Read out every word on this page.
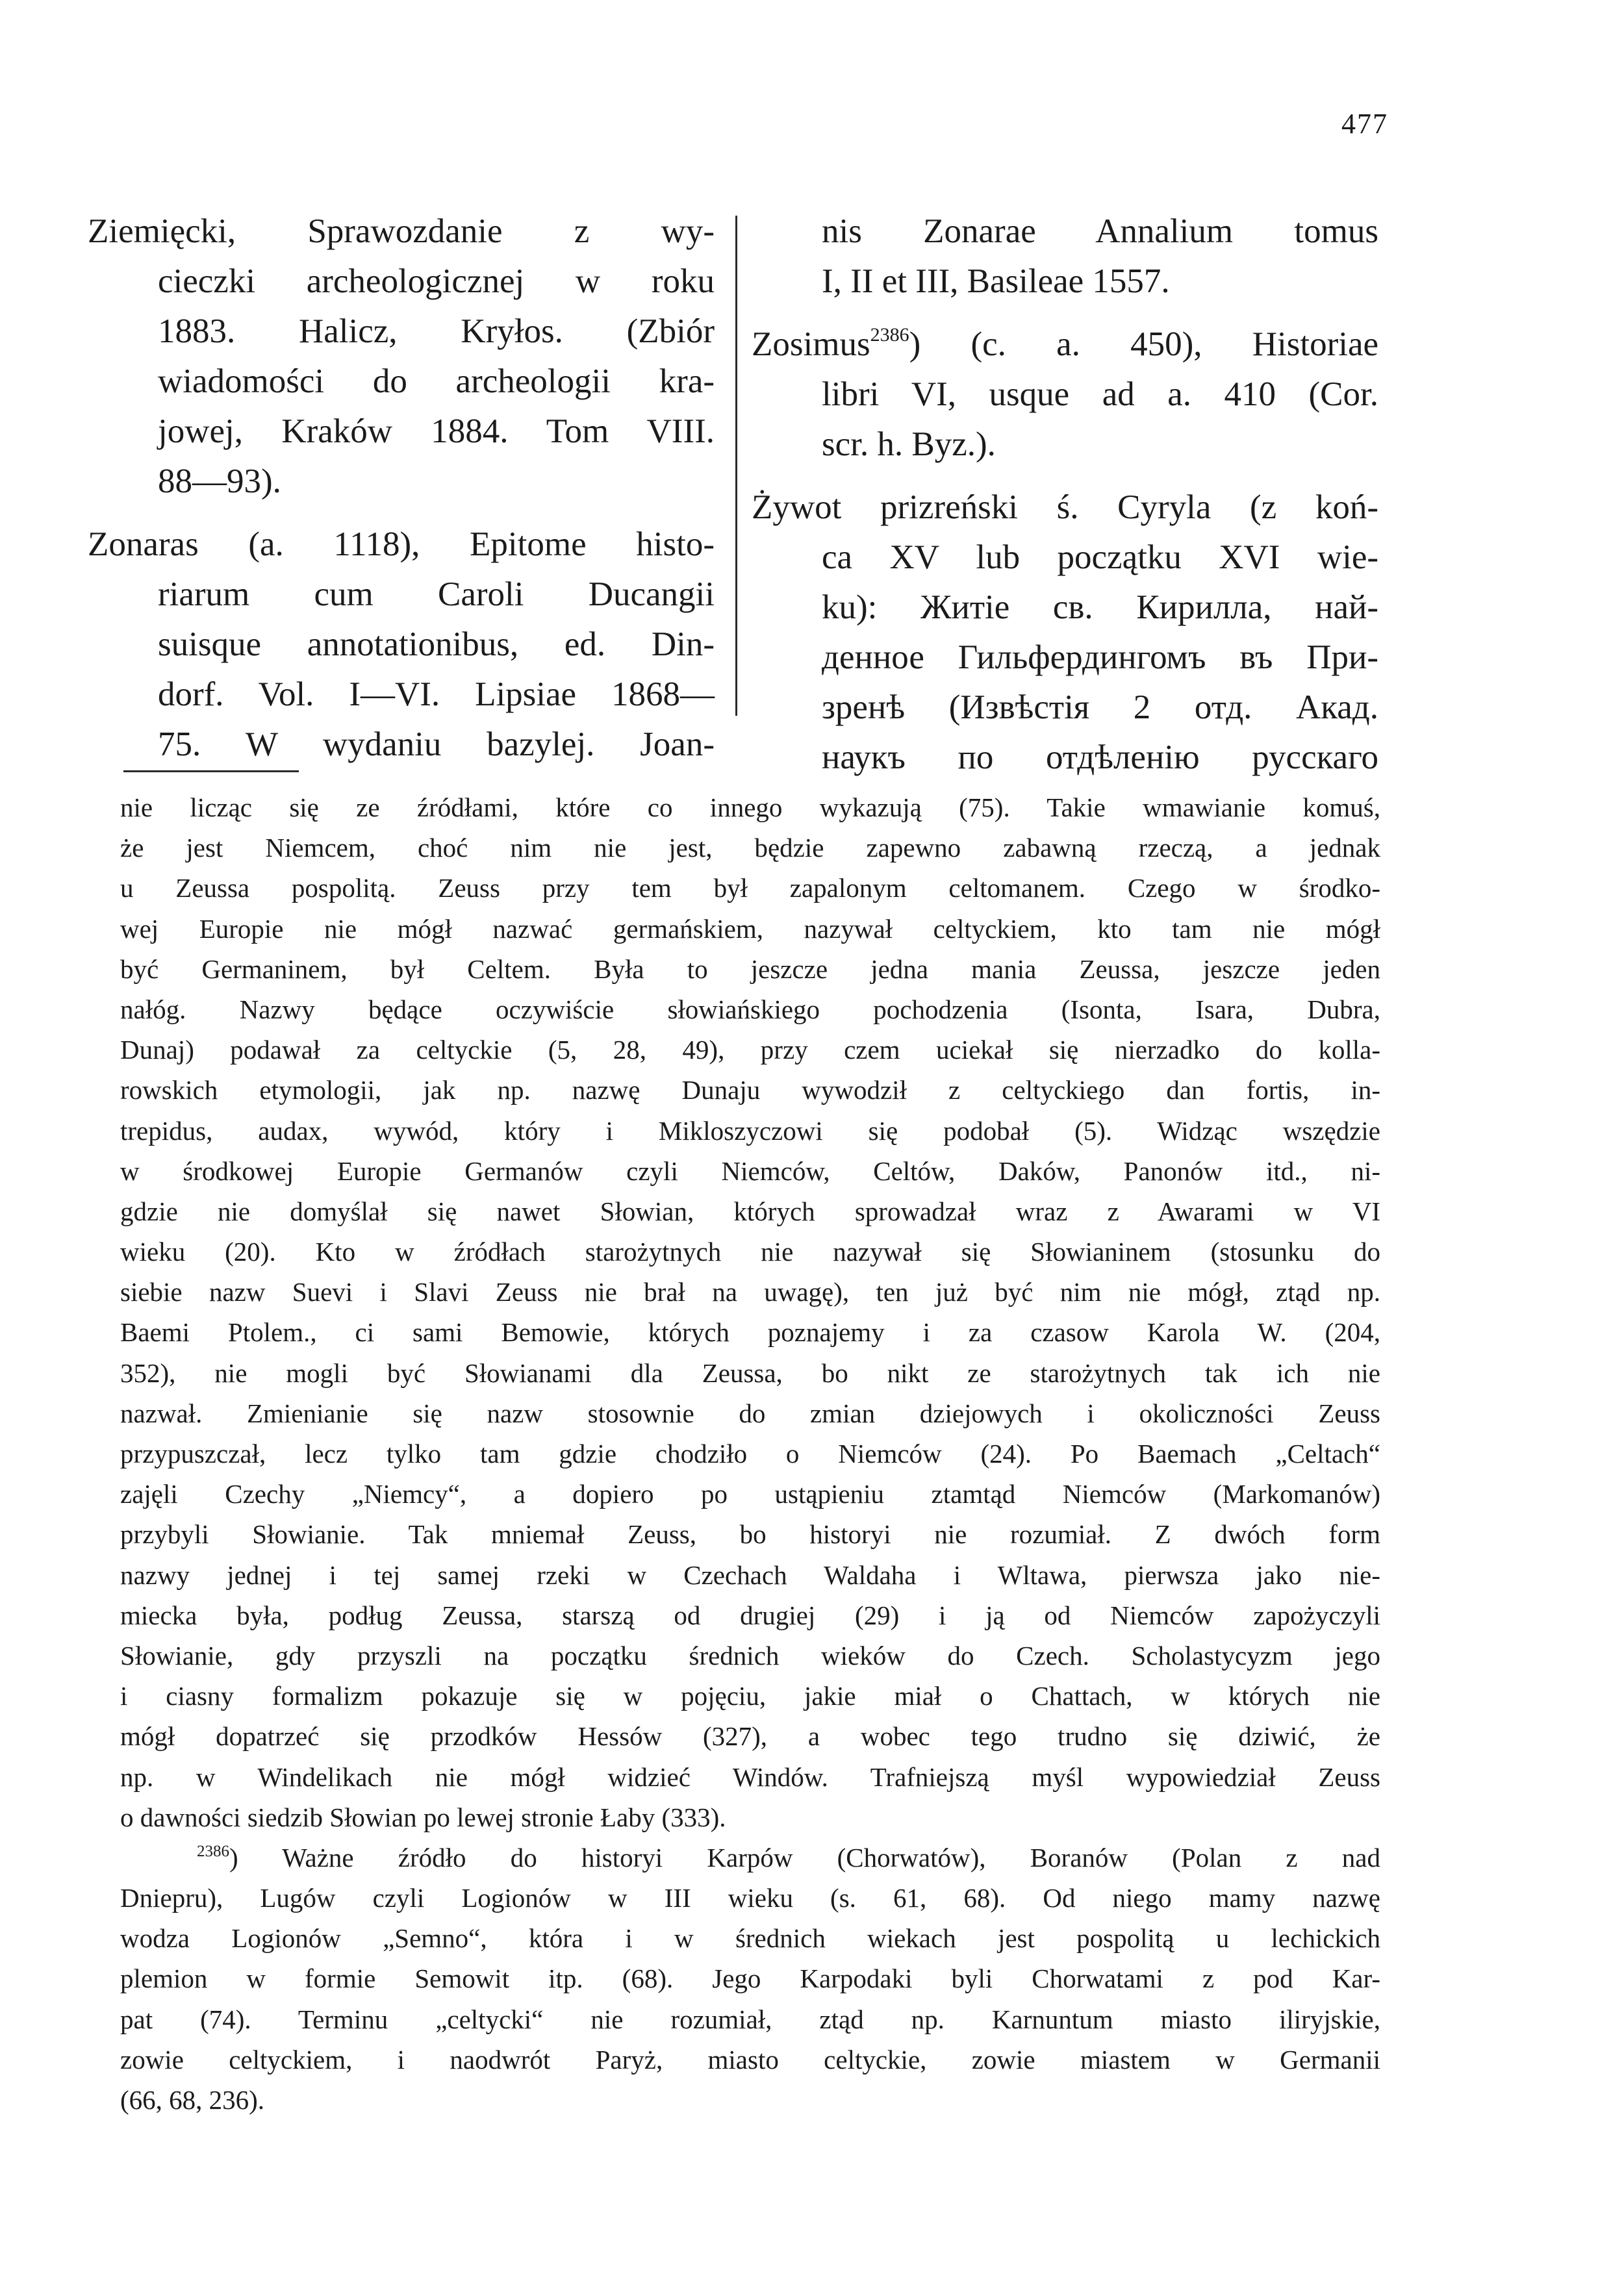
477
Ziemięcki, Sprawozdanie z wy-
cieczki archeologicznej w roku
1883. Halicz, Kryłos. (Zbiór
wiadomości do archeologii kra-
jowej, Kraków 1884. Tom VIII.
88—93).
Zonaras (a. 1118), Epitome histo-
riarum cum Caroli Ducangii
suisque annotationibus, ed. Din-
dorf. Vol. I—VI. Lipsiae 1868—
75. W wydaniu bazylej. Joan-
nis Zonarae Annalium tomus
I, II et III, Basileae 1557.
Zosimus$^{2386}$) (c. a. 450), Historiae
libri VI, usque ad a. 410 (Cor.
scr. h. Byz.).
Żywot prizreński ś. Cyryla (z koń-
ca XV lub początku XVI wie-
ku): Житіе св. Кирилла, най-
денное Гильфердингомъ въ При-
зренѣ (Извѣстія 2 отд. Акад.
наукъ по отдѣленію русскаго
nie licząc się ze źródłami, które co innego wykazują (75). Takie wmawianie komuś,
że jest Niemcem, choć nim nie jest, będzie zapewno zabawną rzeczą, a jednak
u Zeussa pospolitą. Zeuss przy tem był zapalonym celtomanem. Czego w środko-
wej Europie nie mógł nazwać germańskiem, nazywał celtyckiem, kto tam nie mógł
być Germaninem, był Celtem. Była to jeszcze jedna mania Zeussa, jeszcze jeden
nałóg. Nazwy będące oczywiście słowiańskiego pochodzenia (Isonta, Isara, Dubra,
Dunaj) podawał za celtyckie (5, 28, 49), przy czem uciekał się nierzadko do kolla-
rowskich etymologii, jak np. nazwę Dunaju wywodził z celtyckiego dan fortis, in-
trepidus, audax, wywód, który i Mikloszyczowi się podobał (5). Widząc wszędzie
w środkowej Europie Germanów czyli Niemców, Celtów, Daków, Panonów itd., ni-
gdzie nie domyślał się nawet Słowian, których sprowadzał wraz z Awarami w VI
wieku (20). Kto w źródłach starożytnych nie nazywał się Słowianinem (stosunku do
siebie nazw Suevi i Slavi Zeuss nie brał na uwagę), ten już być nim nie mógł, ztąd np.
Baemi Ptolem., ci sami Bemowie, których poznajemy i za czasow Karola W. (204,
352), nie mogli być Słowianami dla Zeussa, bo nikt ze starożytnych tak ich nie
nazwał. Zmienianie się nazw stosownie do zmian dziejowych i okoliczności Zeuss
przypuszczał, lecz tylko tam gdzie chodziło o Niemców (24). Po Baemach „Celtach“
zajęli Czechy „Niemcy“, a dopiero po ustąpieniu ztamtąd Niemców (Markomanów)
przybyli Słowianie. Tak mniemał Zeuss, bo historyi nie rozumiał. Z dwóch form
nazwy jednej i tej samej rzeki w Czechach Waldaha i Wltawa, pierwsza jako nie-
miecka była, podług Zeussa, starszą od drugiej (29) i ją od Niemców zapożyczyli
Słowianie, gdy przyszli na początku średnich wieków do Czech. Scholastycyzm jego
i ciasny formalizm pokazuje się w pojęciu, jakie miał o Chattach, w których nie
mógł dopatrzeć się przodków Hessów (327), a wobec tego trudno się dziwić, że
np. w Windelikach nie mógł widzieć Windów. Trafniejszą myśl wypowiedział Zeuss
o dawności siedzib Słowian po lewej stronie Łaby (333).
$^{2386}$) Ważne źródło do historyi Karpów (Chorwatów), Boranów (Polan z nad
Dniepru), Lugów czyli Logionów w III wieku (s. 61, 68). Od niego mamy nazwę
wodza Logionów „Semno“, która i w średnich wiekach jest pospolitą u lechickich
plemion w formie Semowit itp. (68). Jego Karpodaki byli Chorwatami z pod Kar-
pat (74). Terminu „celtycki“ nie rozumiał, ztąd np. Karnuntum miasto iliryjskie,
zowie celtyckiem, i naodwrót Paryż, miasto celtyckie, zowie miastem w Germanii
(66, 68, 236).
